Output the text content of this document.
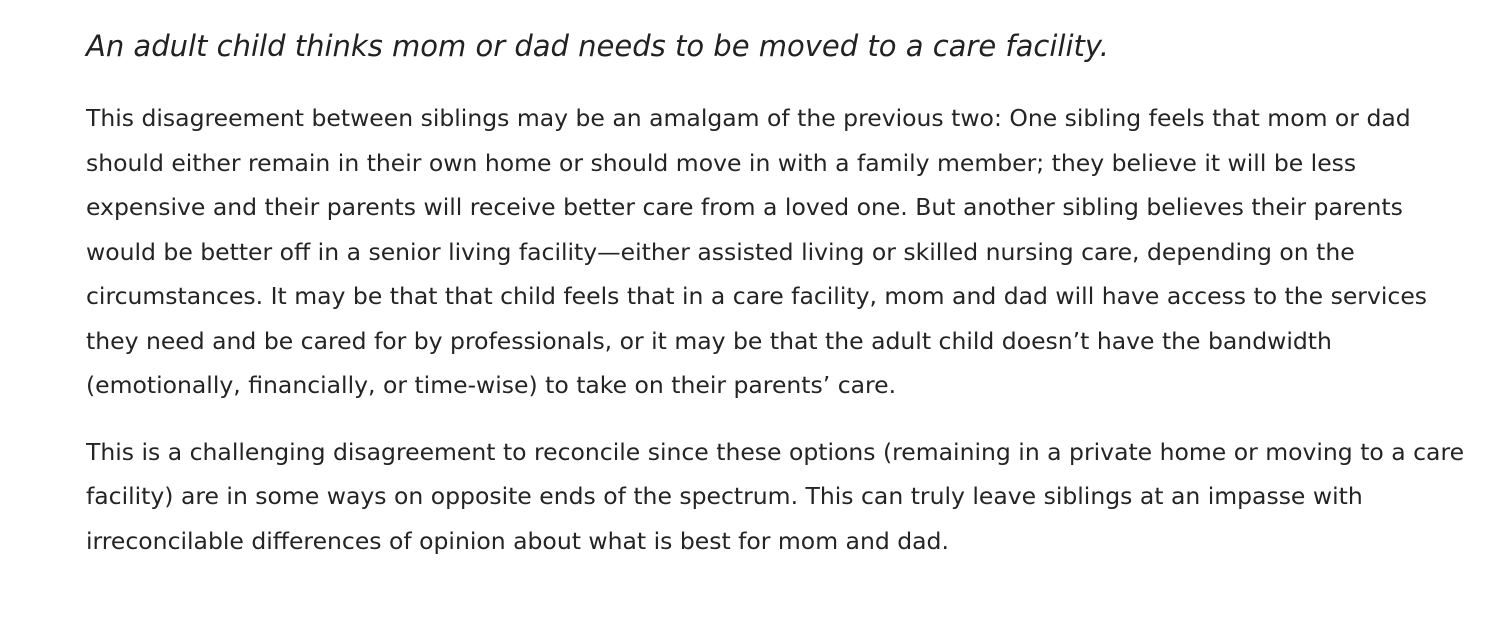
An adult child thinks mom or dad needs to be moved to a care facility.

This disagreement between siblings may be an amalgam of the previous two: One sibling feels that mom or dad should either remain in their own home or should move in with a family member; they believe it will be less expensive and their parents will receive better care from a loved one. But another sibling believes their parents would be better off in a senior living facility—either assisted living or skilled nursing care, depending on the circumstances. It may be that that child feels that in a care facility, mom and dad will have access to the services they need and be cared for by professionals, or it may be that the adult child doesn’t have the bandwidth (emotionally, financially, or time-wise) to take on their parents’ care.

This is a challenging disagreement to reconcile since these options (remaining in a private home or moving to a care facility) are in some ways on opposite ends of the spectrum. This can truly leave siblings at an impasse with irreconcilable differences of opinion about what is best for mom and dad.
